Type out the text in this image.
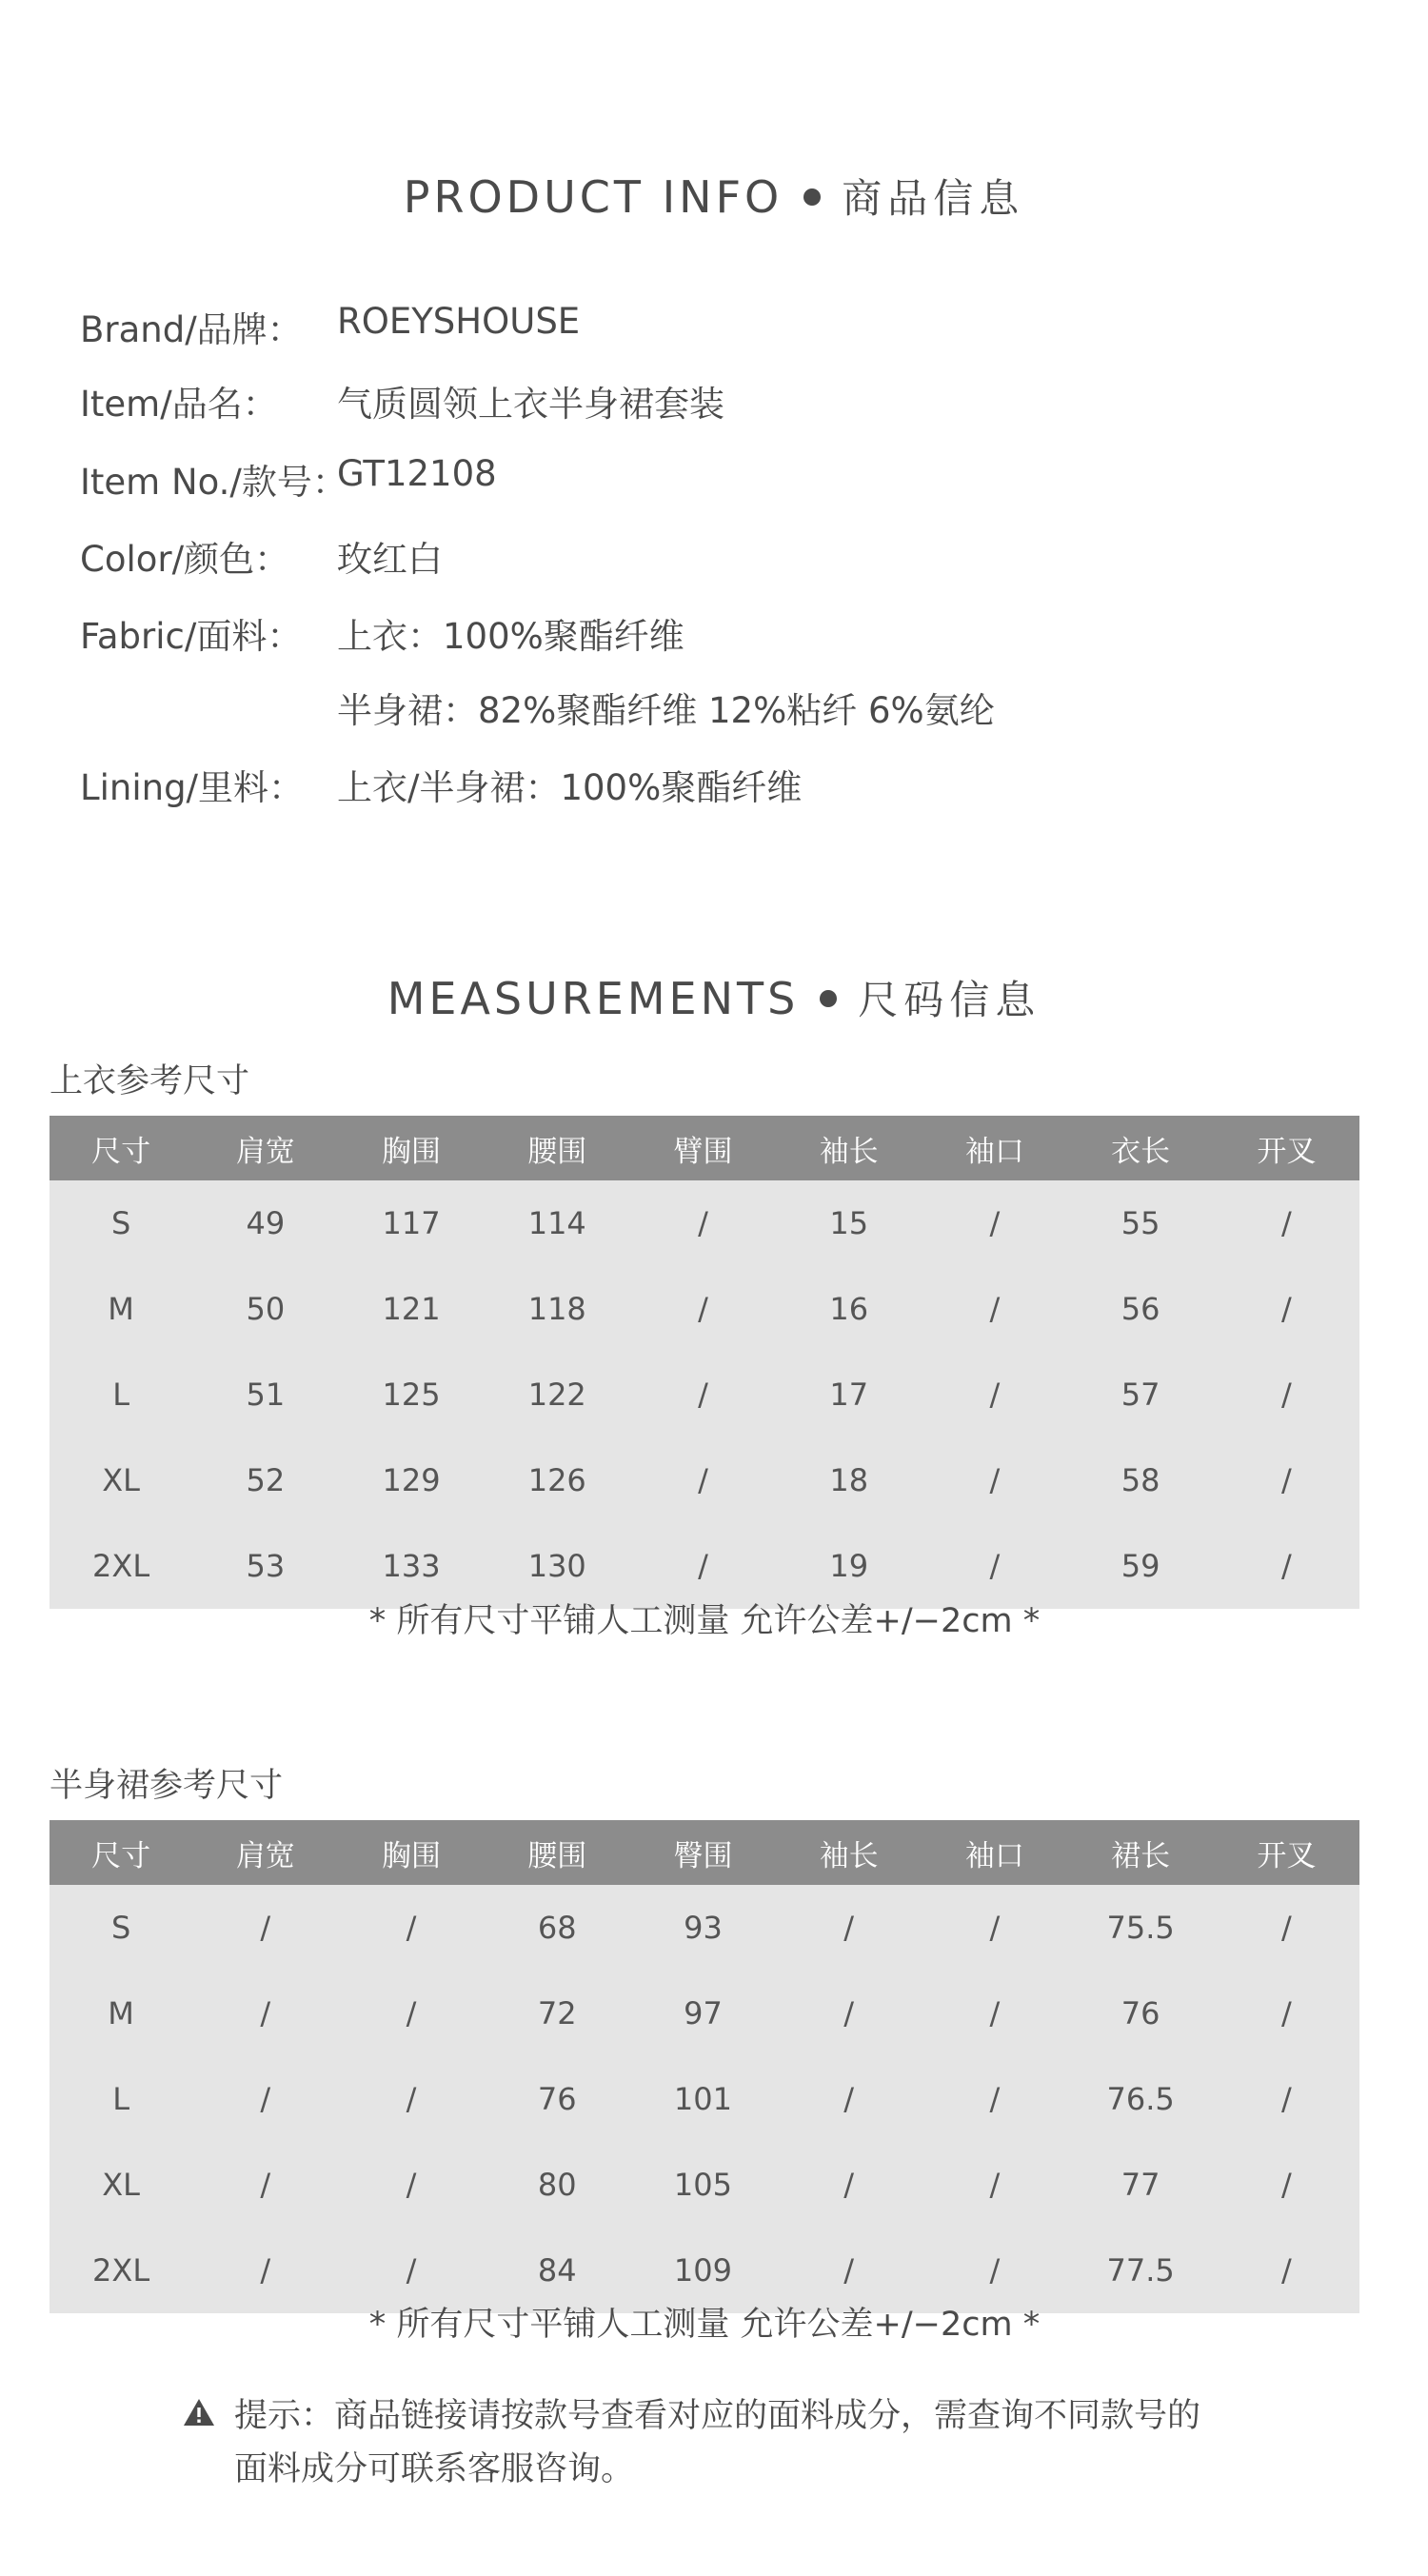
PRODUCT INFO 商品信息
Brand/品牌： ROEYSHOUSE
Item/品名： 气质圆领上衣半身裙套装
Item No./款号：
GT12108
Color/颜色： 玫红白
Fabric/面料： 上衣：100%聚酯纤维
半身裙：82%聚酯纤维 12%粘纤 6%氨纶
Lining/里料： 上衣/半身裙：100%聚酯纤维
MEASUREMENTS 尺码信息
上衣参考尺寸
尺寸	肩宽	胸围	腰围	臂围	袖长	袖口	衣长	开叉
S	49	117	114	/	15	/	55	/
M	50	121	118	/	16	/	56	/
L	51	125	122	/	17	/	57	/
XL	52	129	126	/	18	/	58	/
2XL	53	133	130	/	19	/	59	/
* 所有尺寸平铺人工测量 允许公差+/−2cm *
半身裙参考尺寸
尺寸	肩宽	胸围	腰围	臀围	袖长	袖口	裙长	开叉
S	/	/	68	93	/	/	75.5	/
M	/	/	72	97	/	/	76	/
L	/	/	76	101	/	/	76.5	/
XL	/	/	80	105	/	/	77	/
2XL	/	/	84	109	/	/	77.5	/
* 所有尺寸平铺人工测量 允许公差+/−2cm *
提示：商品链接请按款号查看对应的面料成分，需查询不同款号的
面料成分可联系客服咨询。
